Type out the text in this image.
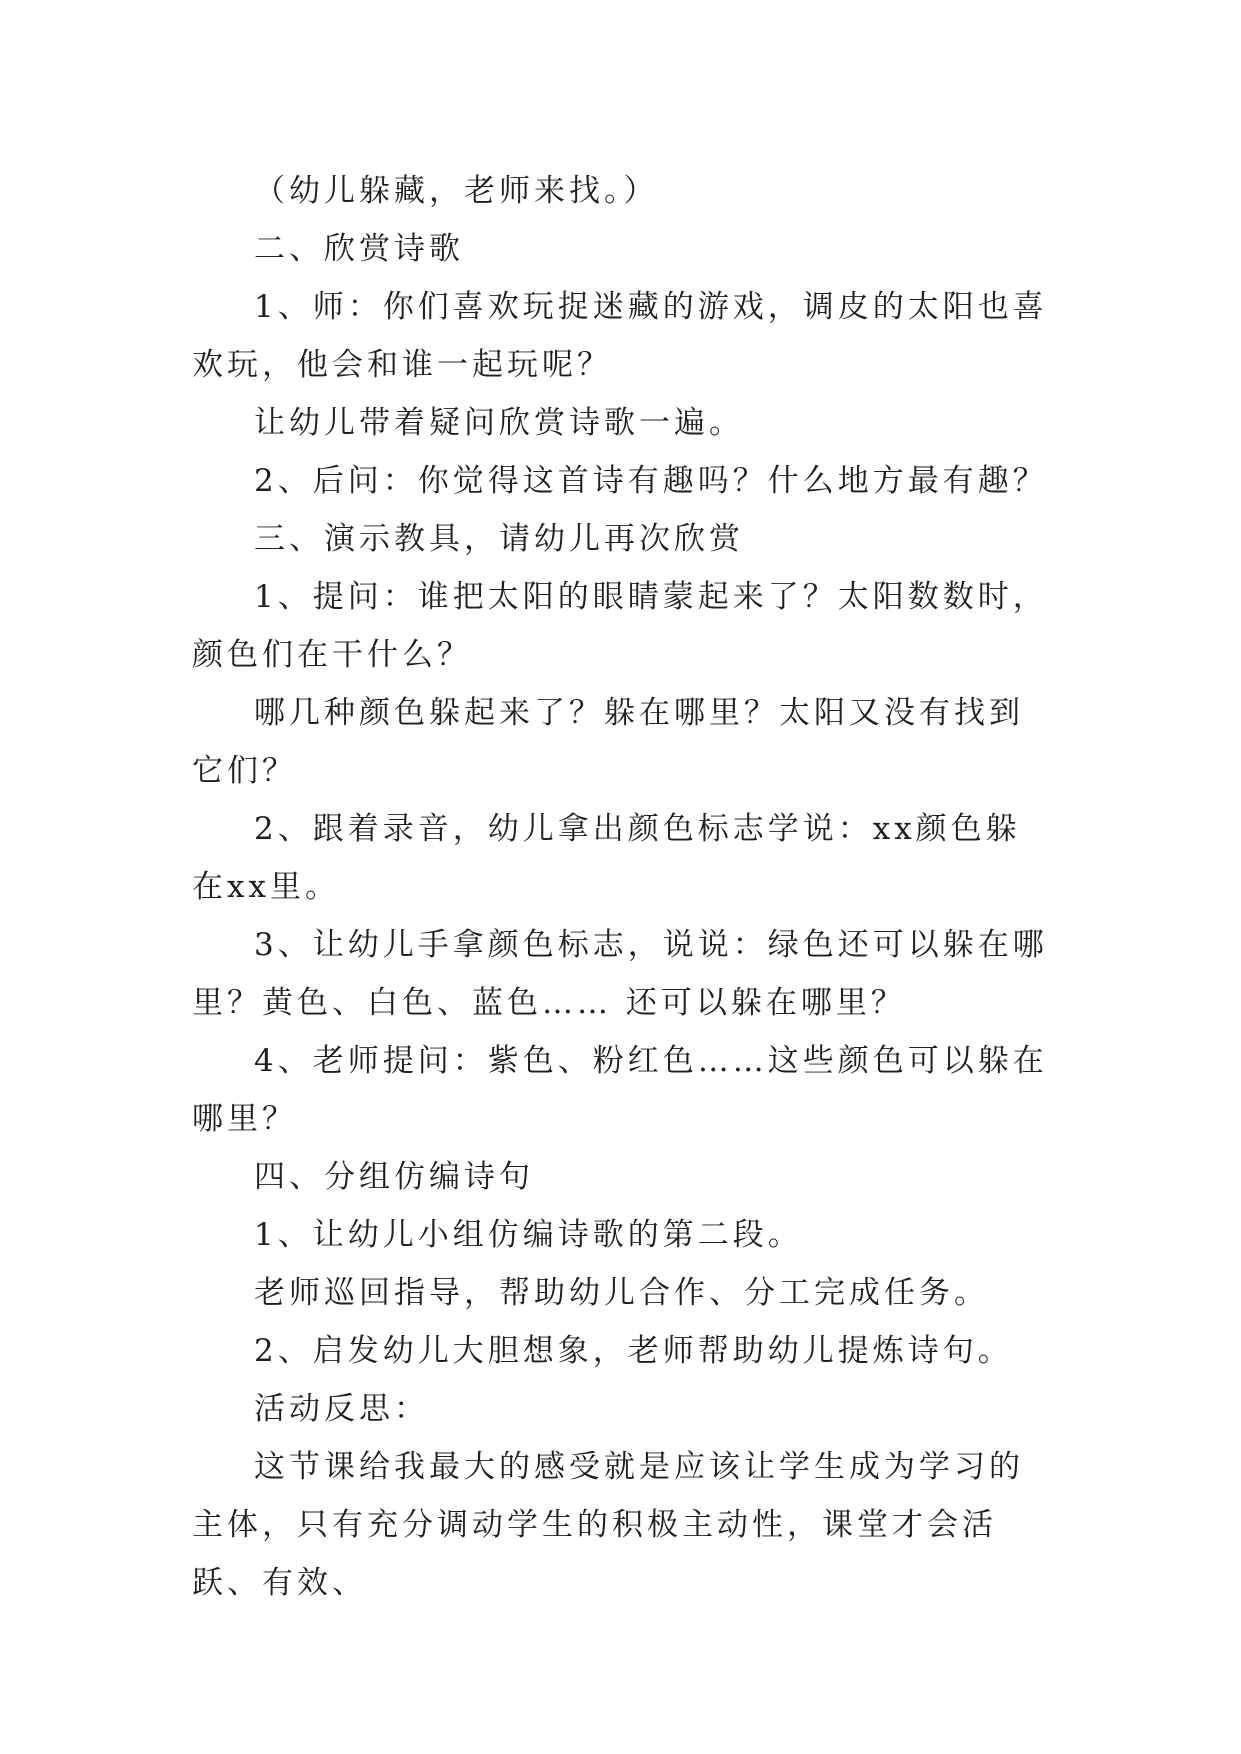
（幼儿躲藏，老师来找。）

二、欣赏诗歌

1、师：你们喜欢玩捉迷藏的游戏，调皮的太阳也喜欢玩，他会和谁一起玩呢？

让幼儿带着疑问欣赏诗歌一遍。

2、后问：你觉得这首诗有趣吗？什么地方最有趣？

三、演示教具，请幼儿再次欣赏

1、提问：谁把太阳的眼睛蒙起来了？太阳数数时，颜色们在干什么？

哪几种颜色躲起来了？躲在哪里？太阳又没有找到它们？

2、跟着录音，幼儿拿出颜色标志学说：xx颜色躲在xx里。

3、让幼儿手拿颜色标志，说说：绿色还可以躲在哪里？黄色、白色、蓝色…… 还可以躲在哪里？

4、老师提问：紫色、粉红色……这些颜色可以躲在哪里？

四、分组仿编诗句

1、让幼儿小组仿编诗歌的第二段。

老师巡回指导，帮助幼儿合作、分工完成任务。

2、启发幼儿大胆想象，老师帮助幼儿提炼诗句。

活动反思：

这节课给我最大的感受就是应该让学生成为学习的主体，只有充分调动学生的积极主动性，课堂才会活跃、有效、
